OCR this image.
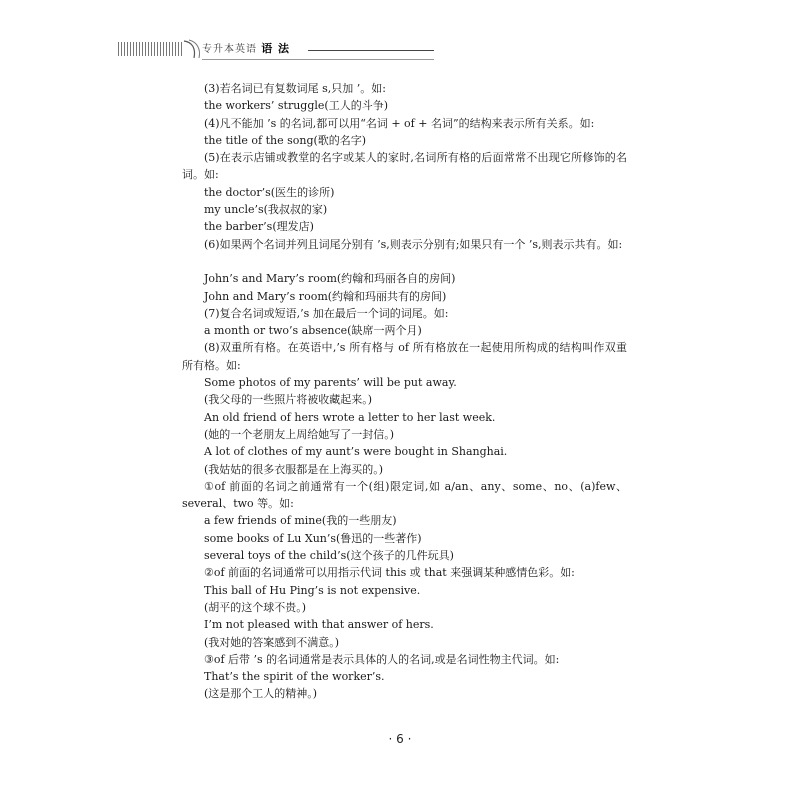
专升本英语 语 法
(3)若名词已有复数词尾 s,只加 ’。如:
the workers’ struggle(工人的斗争)
(4)凡不能加 ’s 的名词,都可以用“名词 + of + 名词”的结构来表示所有关系。如:
the title of the song(歌的名字)
(5)在表示店铺或教堂的名字或某人的家时,名词所有格的后面常常不出现它所修饰的名词。如:
the doctor’s(医生的诊所)
my uncle’s(我叔叔的家)
the barber’s(理发店)
(6)如果两个名词并列且词尾分别有 ’s,则表示分别有;如果只有一个 ’s,则表示共有。如:
John’s and Mary’s room(约翰和玛丽各自的房间)
John and Mary’s room(约翰和玛丽共有的房间)
(7)复合名词或短语,’s 加在最后一个词的词尾。如:
a month or two’s absence(缺席一两个月)
(8)双重所有格。在英语中,’s 所有格与 of 所有格放在一起使用所构成的结构叫作双重所有格。如:
Some photos of my parents’ will be put away.
(我父母的一些照片将被收藏起来。)
An old friend of hers wrote a letter to her last week.
(她的一个老朋友上周给她写了一封信。)
A lot of clothes of my aunt’s were bought in Shanghai.
(我姑姑的很多衣服都是在上海买的。)
①of 前面的名词之前通常有一个(组)限定词,如 a/an、any、some、no、(a)few、several、two 等。如:
a few friends of mine(我的一些朋友)
some books of Lu Xun’s(鲁迅的一些著作)
several toys of the child’s(这个孩子的几件玩具)
②of 前面的名词通常可以用指示代词 this 或 that 来强调某种感情色彩。如:
This ball of Hu Ping’s is not expensive.
(胡平的这个球不贵。)
I’m not pleased with that answer of hers.
(我对她的答案感到不满意。)
③of 后带 ’s 的名词通常是表示具体的人的名词,或是名词性物主代词。如:
That’s the spirit of the worker’s.
(这是那个工人的精神。)
· 6 ·
